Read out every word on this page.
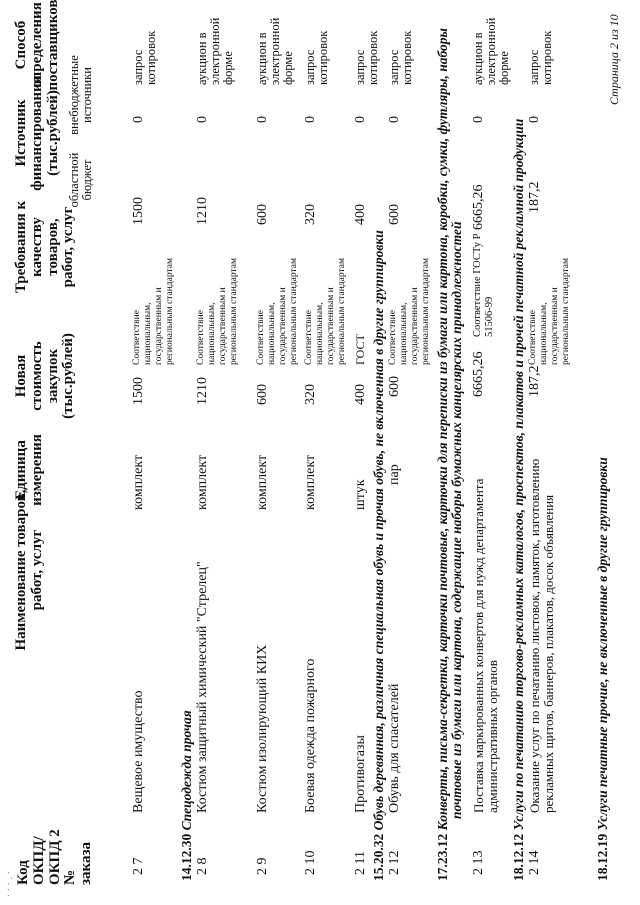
Код ОКПД/ ОКПД 2 № заказа
· · · . ·
Наименование товаров, работ, услуг
Единица измерения
Новая стоимость закупок (тыс.рублей)
Требования к качеству товаров, работ, услуг
Источник финансирования (тыс.рублей)
областной бюджет
внебюджетные источники
Способ определения поставщиков
2 7
Вещевое имущество
комплект
1500
Соответствие национальным, государственным и региональным стандартам
1500
0
запрос котировок
14.12.30 Спецодежда прочая
2 8
Костюм защитный химический "Стрелец"
комплект
1210
Соответствие национальным, государственным и региональным стандартам
1210
0
аукцион в электронной форме
2 9
Костюм изолирующий КИХ
комплект
600
Соответствие национальным, государственным и региональным стандартам
600
0
аукцион в электронной форме
2 10
Боевая одежда пожарного
комплект
320
Соответствие национальным, государственным и региональным стандартам
320
0
запрос котировок
2 11
Противогазы
штук
400
ГОСТ
400
0
запрос котировок
15.20.32 Обувь деревянная, различная специальная обувь и прочая обувь, не включенная в другие группировки
2 12
Обувь для спасателей
пар
600
Соответствие национальным, государственным и региональным стандартам
600
0
запрос котировок
17.23.12 Конверты, письма-секретки, карточки почтовые, карточки для переписки из бумаги или картона, коробки, сумки, футляры, наборы почтовые из бумаги или картона, содержащие наборы бумажных канцелярских принадлежностей
2 13
Поставка маркированных конвертов для нужд департамента
административных органов
6665,26
Соответствие ГОСТу Р 51506-99
6665,26
0
аукцион в электронной форме
18.12.12 Услуги по печатанию торгово-рекламных каталогов, проспектов, плакатов и прочей печатной рекламной продукции
2 14
Оказание услуг по печатанию листовок, памяток, изготовлению
рекламных щитов, баннеров, плакатов, досок объявления
187,2
Соответствие национальным, государственным и региональным стандартам
187,2
0
запрос котировок
18.12.19 Услуги печатные прочие, не включенные в другие группировки
Страница 2 из 10
